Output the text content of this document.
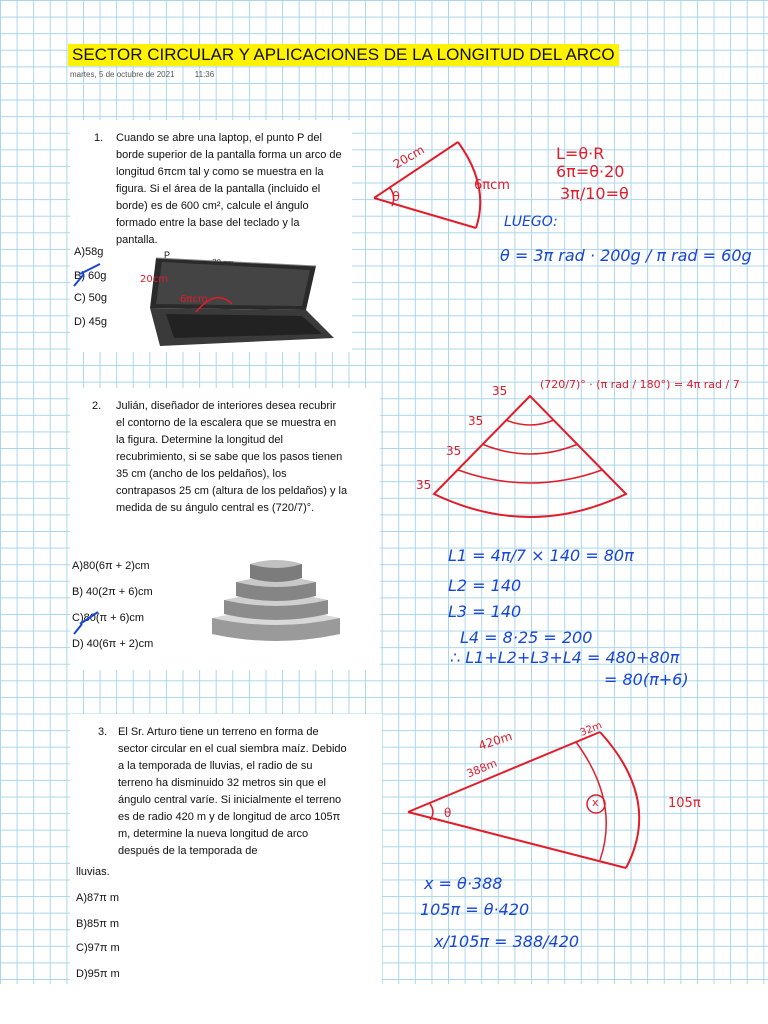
SECTOR CIRCULAR Y APLICACIONES DE LA LONGITUD DEL ARCO
martes, 5 de octubre de 2021	11:36
1. Cuando se abre una laptop, el punto P del
borde superior de la pantalla forma un arco de
longitud 6πcm tal y como se muestra en la
figura. Si el área de la pantalla (incluido el
borde) es de 600 cm², calcule el ángulo
formado entre la base del teclado y la
pantalla.
A)58g
B) 60g
C) 50g
D) 45g
P
30 cm
20cm
6πcm
20cm
6πcm
θ
L=θ·R
6π=θ·20
3π/10=θ
LUEGO:
θ = 3π rad · 200g / π rad = 60g
2. Julián, diseñador de interiores desea recubrir
el contorno de la escalera que se muestra en
la figura. Determine la longitud del
recubrimiento, si se sabe que los pasos tienen
35 cm (ancho de los peldaños), los
contrapasos 25 cm (altura de los peldaños) y la
medida de su ángulo central es (720/7)°.
A)80(6π + 2)cm
B) 40(2π + 6)cm
C)80(π + 6)cm
D) 40(6π + 2)cm
35
35
35
35
(720/7)° · (π rad / 180°) = 4π rad / 7
L1 = 4π/7 × 140 = 80π
L2 = 140
L3 = 140
L4 = 8·25 = 200
∴ L1+L2+L3+L4 = 480+80π
= 80(π+6)
3. El Sr. Arturo tiene un terreno en forma de
sector circular en el cual siembra maíz. Debido
a la temporada de lluvias, el radio de su
terreno ha disminuido 32 metros sin que el
ángulo central varíe. Si inicialmente el terreno
es de radio 420 m y de longitud de arco 105π
m, determine la nueva longitud de arco
después de la temporada de
lluvias.
A)87π m
B)85π m
C)97π m
D)95π m
420m
388m
32m
105π
x
θ
x = θ·388
105π = θ·420
x/105π = 388/420
